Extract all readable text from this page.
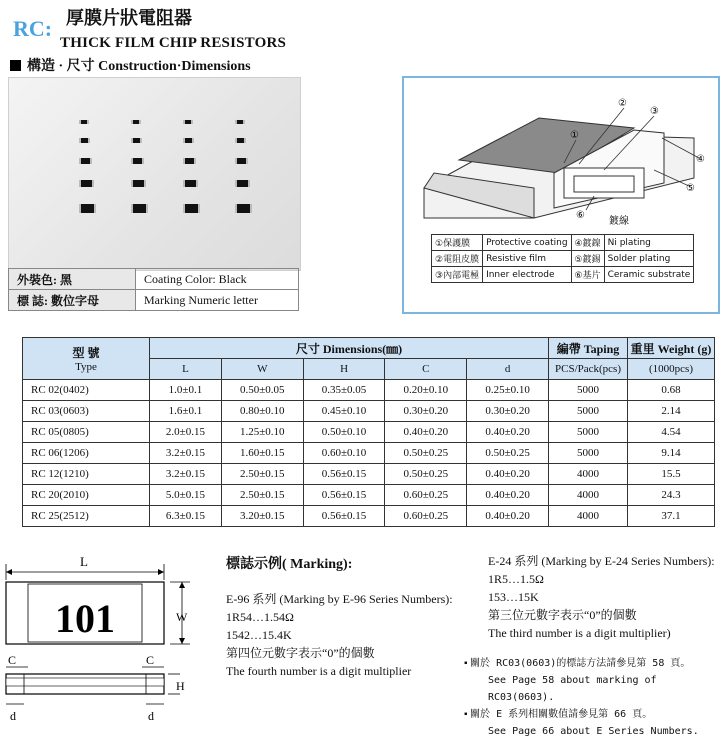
RC: 厚膜片狀電阻器
THICK FILM CHIP RESISTORS
構造 · 尺寸 Construction·Dimensions
外裝色: 黑	Coating Color: Black
標 誌: 數位字母	Marking Numeric letter
①
②
③
④
⑤
⑥
鍍線
①保護膜	Protective coating	④鍍鎳	Ni plating
②電阻皮膜	Resistive film	⑤鍍錫	Solder plating
③內部電極	Inner electrode	⑥基片	Ceramic substrate
型 號
Type	尺寸 Dimensions(㎜)					編帶 Taping	重里 Weight (g)
	L	W	H	C	d	PCS/Pack(pcs)	(1000pcs)
RC 02(0402)	1.0±0.1	0.50±0.05	0.35±0.05	0.20±0.10	0.25±0.10	5000	0.68
RC 03(0603)	1.6±0.1	0.80±0.10	0.45±0.10	0.30±0.20	0.30±0.20	5000	2.14
RC 05(0805)	2.0±0.15	1.25±0.10	0.50±0.10	0.40±0.20	0.40±0.20	5000	4.54
RC 06(1206)	3.2±0.15	1.60±0.15	0.60±0.10	0.50±0.25	0.50±0.25	5000	9.14
RC 12(1210)	3.2±0.15	2.50±0.15	0.56±0.15	0.50±0.25	0.40±0.20	4000	15.5
RC 20(2010)	5.0±0.15	2.50±0.15	0.56±0.15	0.60±0.25	0.40±0.20	4000	24.3
RC 25(2512)	6.3±0.15	3.20±0.15	0.56±0.15	0.60±0.25	0.40±0.20	4000	37.1
L
101	W
C	C
H
d	d
標誌示例( Marking):
E-96 系列 (Marking by E-96 Series Numbers):
1R54…1.54Ω
1542…15.4K
第四位元數字表示“0”的個數
The fourth number is a digit multiplier
E-24 系列 (Marking by E-24 Series Numbers):
1R5…1.5Ω
153…15K
第三位元數字表示“0”的個數
The third number is a digit multiplier)
▪ 關於 RC03(0603)的標誌方法請參見第 58 頁。
See Page 58 about marking of RC03(0603).
▪ 關於 E 系列相關數值請參見第 66 頁。
See Page 66 about E Series Numbers.
